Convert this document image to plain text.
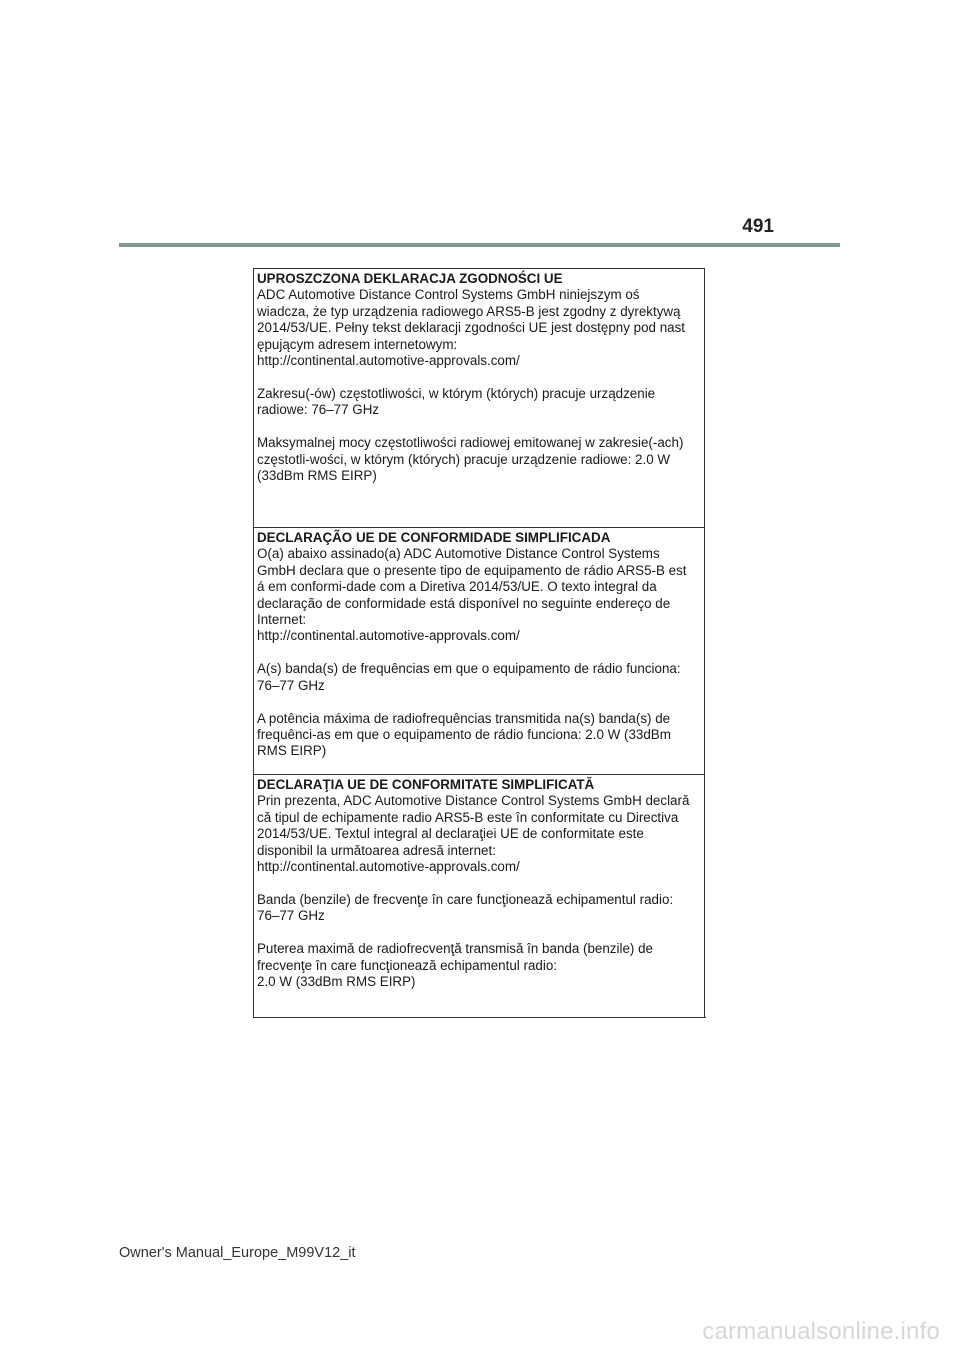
491
UPROSZCZONA DEKLARACJA ZGODNOŚCI UE

ADC Automotive Distance Control Systems GmbH niniejszym oś
wiadcza, że typ urządzenia radiowego ARS5-B jest zgodny z dyrektywą
2014/53/UE. Pełny tekst deklaracji zgodności UE jest dostępny pod nast
ępującym adresem internetowym:
http://continental.automotive-approvals.com/

Zakresu(-ów) częstotliwości, w którym (których) pracuje urządzenie
radiowe: 76–77 GHz

Maksymalnej mocy częstotliwości radiowej emitowanej w zakresie(-ach)
częstotli-wości, w którym (których) pracuje urządzenie radiowe: 2.0 W
(33dBm RMS EIRP)

DECLARAÇÃO UE DE CONFORMIDADE SIMPLIFICADA

O(a) abaixo assinado(a) ADC Automotive Distance Control Systems
GmbH declara que o presente tipo de equipamento de rádio ARS5-B est
á em conformi-dade com a Diretiva 2014/53/UE. O texto integral da
declaração de conformidade está disponível no seguinte endereço de
Internet:
http://continental.automotive-approvals.com/

A(s) banda(s) de frequências em que o equipamento de rádio funciona:
76–77 GHz

A potência máxima de radiofrequências transmitida na(s) banda(s) de
frequênci-as em que o equipamento de rádio funciona: 2.0 W (33dBm
RMS EIRP)

DECLARAŢIA UE DE CONFORMITATE SIMPLIFICATĂ

Prin prezenta, ADC Automotive Distance Control Systems GmbH declară
că tipul de echipamente radio ARS5-B este în conformitate cu Directiva
2014/53/UE. Textul integral al declaraţiei UE de conformitate este
disponibil la următoarea adresă internet:
http://continental.automotive-approvals.com/

Banda (benzile) de frecvenţe în care funcţionează echipamentul radio:
76–77 GHz

Puterea maximă de radiofrecvenţă transmisă în banda (benzile) de
frecvenţe în care funcţionează echipamentul radio:
2.0 W (33dBm RMS EIRP)

Owner's Manual_Europe_M99V12_it
carmanualsonline.info
